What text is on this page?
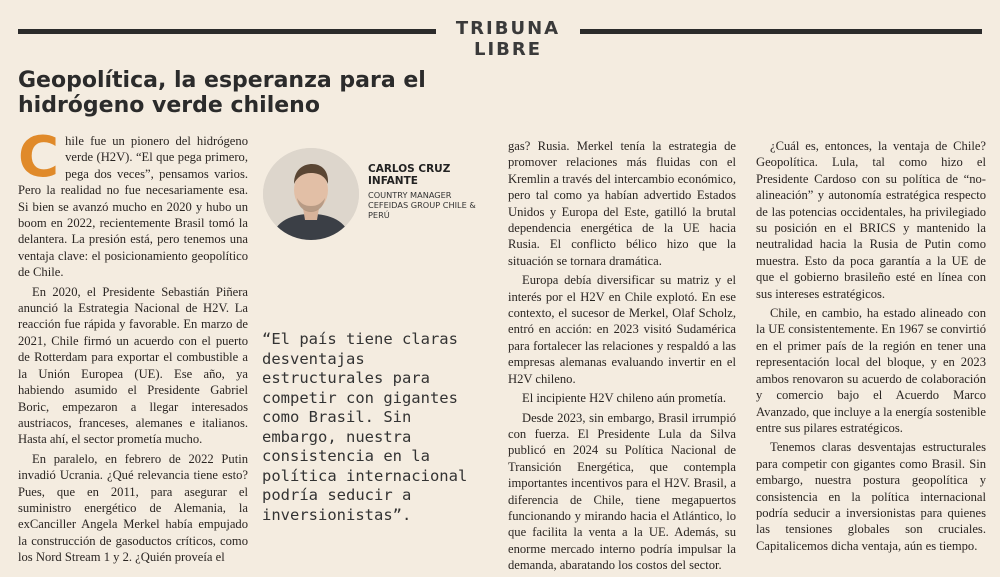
TRIBUNA LIBRE
Geopolítica, la esperanza para el
hidrógeno verde chileno

Chile fue un pionero del hidrógeno verde (H2V). “El que pega primero, pega dos veces”, pensamos varios. Pero la realidad no fue necesariamente esa. Si bien se avanzó mucho en 2020 y hubo un boom en 2022, recientemente Brasil tomó la delantera. La presión está, pero tenemos una ventaja clave: el posicionamiento geopolítico de Chile.

En 2020, el Presidente Sebastián Piñera anunció la Estrategia Nacional de H2V. La reacción fue rápida y favorable. En marzo de 2021, Chile firmó un acuerdo con el puerto de Rotterdam para exportar el combustible a la Unión Europea (UE). Ese año, ya habiendo asumido el Presidente Gabriel Boric, empezaron a llegar interesados austriacos, franceses, alemanes e italianos. Hasta ahí, el sector prometía mucho.

En paralelo, en febrero de 2022 Putin invadió Ucrania. ¿Qué relevancia tiene esto? Pues, que en 2011, para asegurar el suministro energético de Alemania, la exCanciller Angela Merkel había empujado la construcción de gasoductos críticos, como los Nord Stream 1 y 2. ¿Quién proveía el

CARLOS CRUZ INFANTE
COUNTRY MANAGER CEFEIDAS GROUP CHILE & PERÚ
“El país tiene claras desventajas estructurales para competir con gigantes como Brasil. Sin embargo, nuestra consistencia en la política internacional podría seducir a inversionistas”.

gas? Rusia. Merkel tenía la estrategia de promover relaciones más fluidas con el Kremlin a través del intercambio económico, pero tal como ya habían advertido Estados Unidos y Europa del Este, gatilló la brutal dependencia energética de la UE hacia Rusia. El conflicto bélico hizo que la situación se tornara dramática.

Europa debía diversificar su matriz y el interés por el H2V en Chile explotó. En ese contexto, el sucesor de Merkel, Olaf Scholz, entró en acción: en 2023 visitó Sudamérica para fortalecer las relaciones y respaldó a las empresas alemanas evaluando invertir en el H2V chileno.

El incipiente H2V chileno aún prometía.

Desde 2023, sin embargo, Brasil irrumpió con fuerza. El Presidente Lula da Silva publicó en 2024 su Política Nacional de Transición Energética, que contempla importantes incentivos para el H2V. Brasil, a diferencia de Chile, tiene megapuertos funcionando y mirando hacia el Atlántico, lo que facilita la venta a la UE. Además, su enorme mercado interno podría impulsar la demanda, abaratando los costos del sector.

¿Cuál es, entonces, la ventaja de Chile? Geopolítica. Lula, tal como hizo el Presidente Cardoso con su política de “no-alineación” y autonomía estratégica respecto de las potencias occidentales, ha privilegiado su posición en el BRICS y mantenido la neutralidad hacia la Rusia de Putin como muestra. Esto da poca garantía a la UE de que el gobierno brasileño esté en línea con sus intereses estratégicos.

Chile, en cambio, ha estado alineado con la UE consistentemente. En 1967 se convirtió en el primer país de la región en tener una representación local del bloque, y en 2023 ambos renovaron su acuerdo de colaboración y comercio bajo el Acuerdo Marco Avanzado, que incluye a la energía sostenible entre sus pilares estratégicos.

Tenemos claras desventajas estructurales para competir con gigantes como Brasil. Sin embargo, nuestra postura geopolítica y consistencia en la política internacional podría seducir a inversionistas para quienes las tensiones globales son cruciales. Capitalicemos dicha ventaja, aún es tiempo.
